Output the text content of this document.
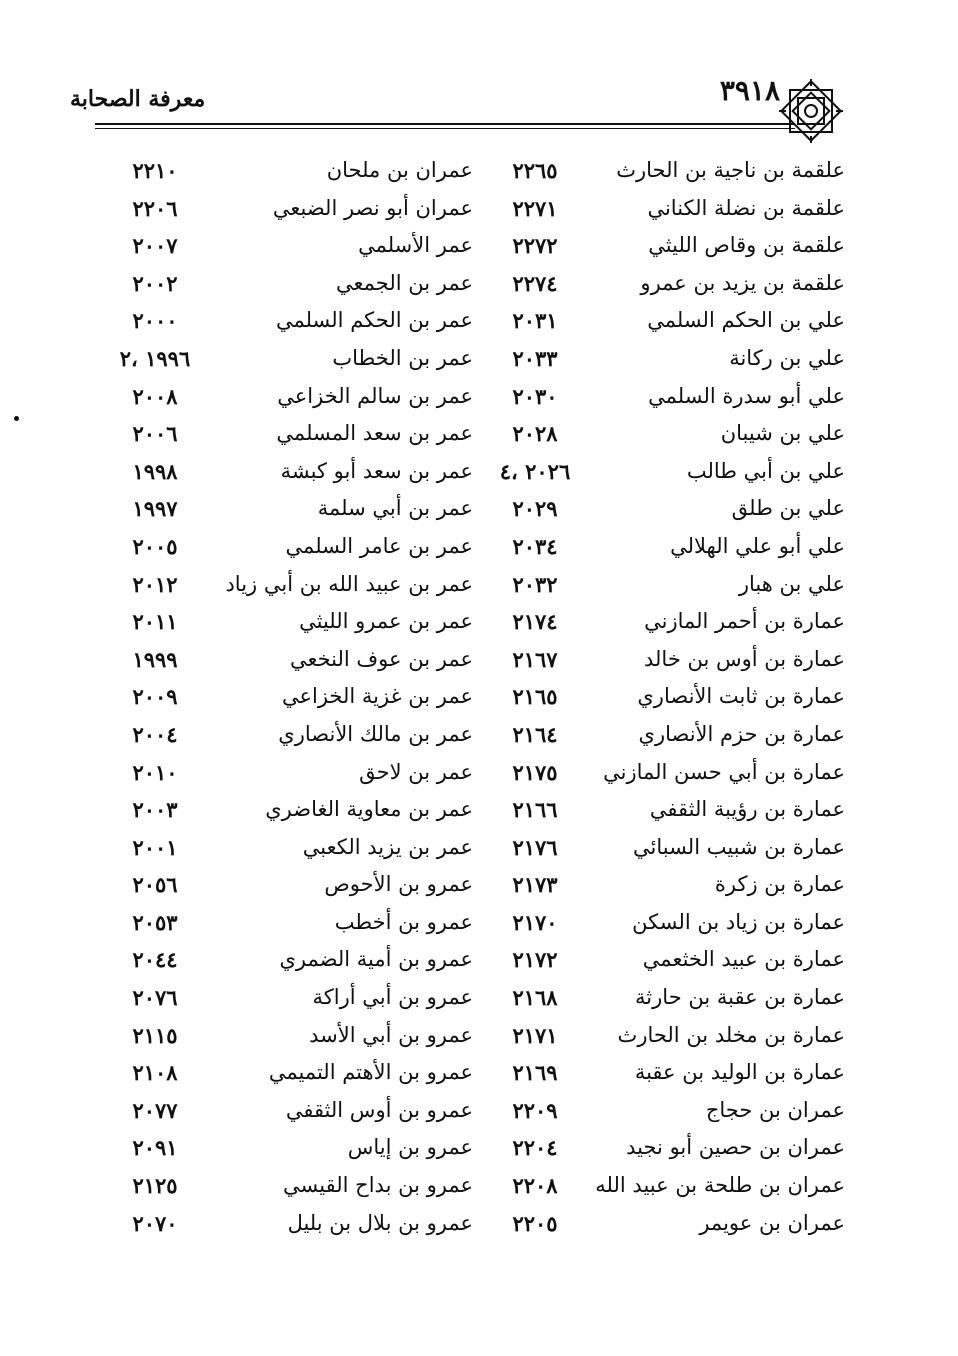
٣٩١٨
معرفة الصحابة
علقمة بن ناجية بن الحارث
٢٢٦٥
عمران بن ملحان
٢٢١٠
علقمة بن نضلة الكناني
٢٢٧١
عمران أبو نصر الضبعي
٢٢٠٦
علقمة بن وقاص الليثي
٢٢٧٢
عمر الأسلمي
٢٠٠٧
علقمة بن يزيد بن عمرو
٢٢٧٤
عمر بن الجمعي
٢٠٠٢
علي بن الحكم السلمي
٢٠٣١
عمر بن الحكم السلمي
٢٠٠٠
علي بن ركانة
٢٠٣٣
عمر بن الخطاب
١٩٩٦ ،٢
علي أبو سدرة السلمي
٢٠٣٠
عمر بن سالم الخزاعي
٢٠٠٨
علي بن شيبان
٢٠٢٨
عمر بن سعد المسلمي
٢٠٠٦
علي بن أبي طالب
٢٠٢٦ ،٤
عمر بن سعد أبو كبشة
١٩٩٨
علي بن طلق
٢٠٢٩
عمر بن أبي سلمة
١٩٩٧
علي أبو علي الهلالي
٢٠٣٤
عمر بن عامر السلمي
٢٠٠٥
علي بن هبار
٢٠٣٢
عمر بن عبيد الله بن أبي زياد
٢٠١٢
عمارة بن أحمر المازني
٢١٧٤
عمر بن عمرو الليثي
٢٠١١
عمارة بن أوس بن خالد
٢١٦٧
عمر بن عوف النخعي
١٩٩٩
عمارة بن ثابت الأنصاري
٢١٦٥
عمر بن غزية الخزاعي
٢٠٠٩
عمارة بن حزم الأنصاري
٢١٦٤
عمر بن مالك الأنصاري
٢٠٠٤
عمارة بن أبي حسن المازني
٢١٧٥
عمر بن لاحق
٢٠١٠
عمارة بن رؤيبة الثقفي
٢١٦٦
عمر بن معاوية الغاضري
٢٠٠٣
عمارة بن شبيب السبائي
٢١٧٦
عمر بن يزيد الكعبي
٢٠٠١
عمارة بن زكرة
٢١٧٣
عمرو بن الأحوص
٢٠٥٦
عمارة بن زياد بن السكن
٢١٧٠
عمرو بن أخطب
٢٠٥٣
عمارة بن عبيد الخثعمي
٢١٧٢
عمرو بن أمية الضمري
٢٠٤٤
عمارة بن عقبة بن حارثة
٢١٦٨
عمرو بن أبي أراكة
٢٠٧٦
عمارة بن مخلد بن الحارث
٢١٧١
عمرو بن أبي الأسد
٢١١٥
عمارة بن الوليد بن عقبة
٢١٦٩
عمرو بن الأهتم التميمي
٢١٠٨
عمران بن حجاج
٢٢٠٩
عمرو بن أوس الثقفي
٢٠٧٧
عمران بن حصين أبو نجيد
٢٢٠٤
عمرو بن إياس
٢٠٩١
عمران بن طلحة بن عبيد الله
٢٢٠٨
عمرو بن بداح القيسي
٢١٢٥
عمران بن عويمر
٢٢٠٥
عمرو بن بلال بن بليل
٢٠٧٠
